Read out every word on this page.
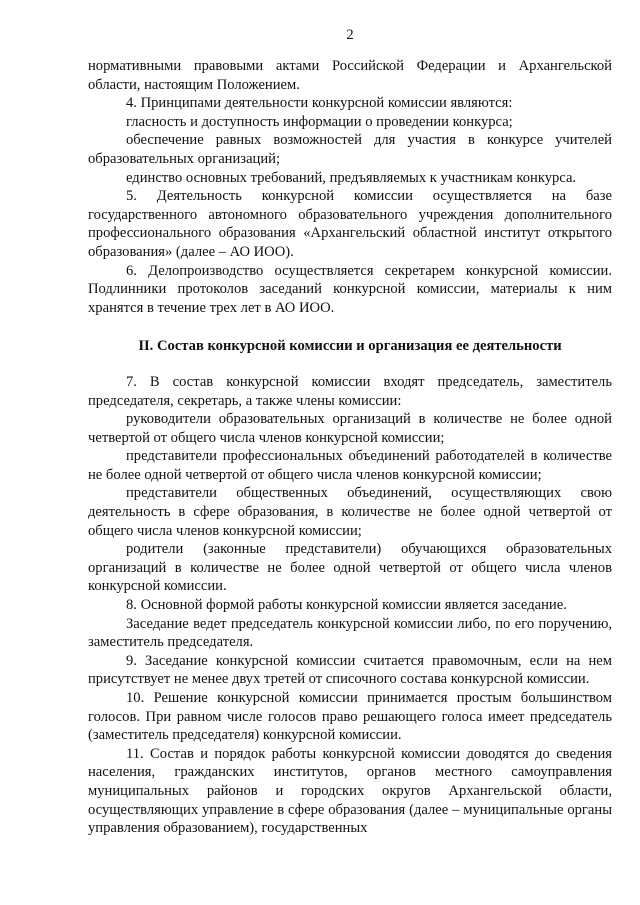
2

нормативными правовыми актами Российской Федерации и Архангельской области, настоящим Положением.

4. Принципами деятельности конкурсной комиссии являются:

гласность и доступность информации о проведении конкурса;

обеспечение равных возможностей для участия в конкурсе учителей образовательных организаций;

единство основных требований, предъявляемых к участникам конкурса.

5. Деятельность конкурсной комиссии осуществляется на базе государственного автономного образовательного учреждения дополнительного профессионального образования «Архангельский областной институт открытого образования» (далее – АО ИОО).

6. Делопроизводство осуществляется секретарем конкурсной комиссии. Подлинники протоколов заседаний конкурсной комиссии, материалы к ним хранятся в течение трех лет в АО ИОО.

II. Состав конкурсной комиссии и организация ее деятельности

7. В состав конкурсной комиссии входят председатель, заместитель председателя, секретарь, а также члены комиссии:

руководители образовательных организаций в количестве не более одной четвертой от общего числа членов конкурсной комиссии;

представители профессиональных объединений работодателей в количестве не более одной четвертой от общего числа членов конкурсной комиссии;

представители общественных объединений, осуществляющих свою деятельность в сфере образования, в количестве не более одной четвертой от общего числа членов конкурсной комиссии;

родители (законные представители) обучающихся образовательных организаций в количестве не более одной четвертой от общего числа членов конкурсной комиссии.

8. Основной формой работы конкурсной комиссии является заседание.

Заседание ведет председатель конкурсной комиссии либо, по его поручению, заместитель председателя.

9. Заседание конкурсной комиссии считается правомочным, если на нем присутствует не менее двух третей от списочного состава конкурсной комиссии.

10. Решение конкурсной комиссии принимается простым большинством голосов. При равном числе голосов право решающего голоса имеет председатель (заместитель председателя) конкурсной комиссии.

11. Состав и порядок работы конкурсной комиссии доводятся до сведения населения, гражданских институтов, органов местного самоуправления муниципальных районов и городских округов Архангельской области, осуществляющих управление в сфере образования (далее – муниципальные органы управления образованием), государственных
